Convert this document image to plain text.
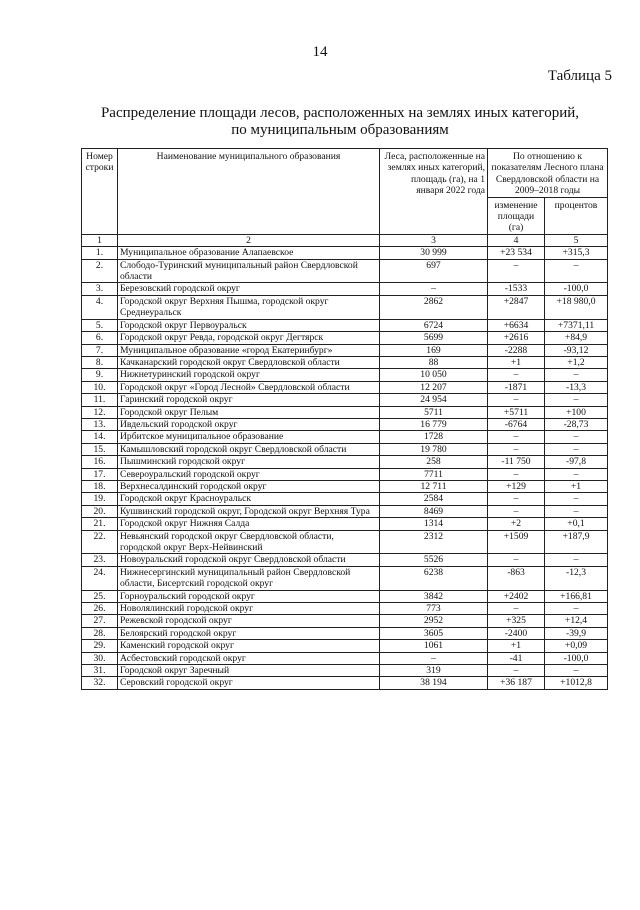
14
Таблица 5
Распределение площади лесов, расположенных на землях иных категорий,
по муниципальным образованиям
Номер строки	Наименование муниципального образования	Леса, расположенные на землях иных категорий, площадь (га), на 1 января 2022 года	По отношению к показателям Лесного плана Свердловской области на 2009–2018 годы	
			изменение площади (га)	процентов
1	2	3	4	5
1.	Муниципальное образование Алапаевское	30 999	+23 534	+315,3
2.	Слободо-Туринский муниципальный район Свердловской области	697	–	–
3.	Березовский городской округ	–	-1533	-100,0
4.	Городской округ Верхняя Пышма, городской округ Среднеуральск	2862	+2847	+18 980,0
5.	Городской округ Первоуральск	6724	+6634	+7371,11
6.	Городской округ Ревда, городской округ Дегтярск	5699	+2616	+84,9
7.	Муниципальное образование «город Екатеринбург»	169	-2288	-93,12
8.	Качканарский городской округ Свердловской области	88	+1	+1,2
9.	Нижнетуринский городской округ	10 050	–	–
10.	Городской округ «Город Лесной» Свердловской области	12 207	-1871	-13,3
11.	Гаринский городской округ	24 954	–	–
12.	Городской округ Пелым	5711	+5711	+100
13.	Ивдельский городской округ	16 779	-6764	-28,73
14.	Ирбитское муниципальное образование	1728	–	–
15.	Камышловский городской округ Свердловской области	19 780	–	–
16.	Пышминский городской округ	258	-11 750	-97,8
17.	Североуральский городской округ	7711	–	–
18.	Верхнесалдинский городской округ	12 711	+129	+1
19.	Городской округ Красноуральск	2584	–	–
20.	Кушвинский городской округ, Городской округ Верхняя Тура	8469	–	–
21.	Городской округ Нижняя Салда	1314	+2	+0,1
22.	Невьянский городской округ Свердловской области, городской округ Верх-Нейвинский	2312	+1509	+187,9
23.	Новоуральский городской округ Свердловской области	5526	–	–
24.	Нижнесергинский муниципальный район Свердловской области, Бисертский городской округ	6238	-863	-12,3
25.	Горноуральский городской округ	3842	+2402	+166,81
26.	Новолялинский городской округ	773	–	–
27.	Режевской городской округ	2952	+325	+12,4
28.	Белоярский городской округ	3605	-2400	-39,9
29.	Каменский городской округ	1061	+1	+0,09
30.	Асбестовский городской округ	–	-41	-100,0
31.	Городской округ Заречный	319	–	–
32.	Серовский городской округ	38 194	+36 187	+1012,8
